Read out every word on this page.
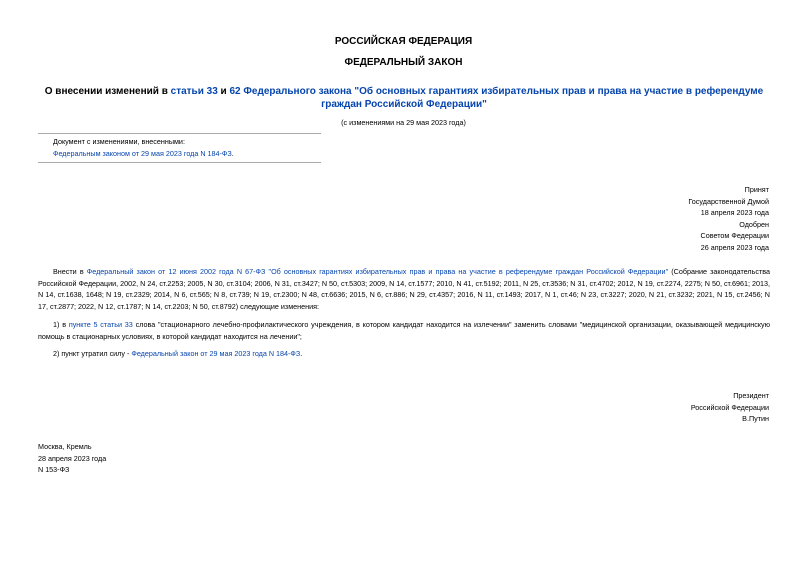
РОССИЙСКАЯ ФЕДЕРАЦИЯ
ФЕДЕРАЛЬНЫЙ ЗАКОН
О внесении изменений в статьи 33 и 62 Федерального закона "Об основных гарантиях избирательных прав и права на участие в референдуме граждан Российской Федерации"
(с изменениями на 29 мая 2023 года)
Документ с изменениями, внесенными:
Федеральным законом от 29 мая 2023 года N 184-ФЗ.
Принят
Государственной Думой
18 апреля 2023 года
Одобрен
Советом Федерации
26 апреля 2023 года
Внести в Федеральный закон от 12 июня 2002 года N 67-ФЗ "Об основных гарантиях избирательных прав и права на участие в референдуме граждан Российской Федерации" (Собрание законодательства Российской Федерации, 2002, N 24, ст.2253; 2005, N 30, ст.3104; 2006, N 31, ст.3427; N 50, ст.5303; 2009, N 14, ст.1577; 2010, N 41, ст.5192; 2011, N 25, ст.3536; N 31, ст.4702; 2012, N 19, ст.2274, 2275; N 50, ст.6961; 2013, N 14, ст.1638, 1648; N 19, ст.2329; 2014, N 6, ст.565; N 8, ст.739; N 19, ст.2300; N 48, ст.6636; 2015, N 6, ст.886; N 29, ст.4357; 2016, N 11, ст.1493; 2017, N 1, ст.46; N 23, ст.3227; 2020, N 21, ст.3232; 2021, N 15, ст.2456; N 17, ст.2877; 2022, N 12, ст.1787; N 14, ст.2203; N 50, ст.8792) следующие изменения:
1) в пункте 5 статьи 33 слова "стационарного лечебно-профилактического учреждения, в котором кандидат находится на излечении" заменить словами "медицинской организации, оказывающей медицинскую помощь в стационарных условиях, в которой кандидат находится на лечении";
2) пункт утратил силу - Федеральный закон от 29 мая 2023 года N 184-ФЗ.
Президент
Российской Федерации
В.Путин
Москва, Кремль
28 апреля 2023 года
N 153-ФЗ
